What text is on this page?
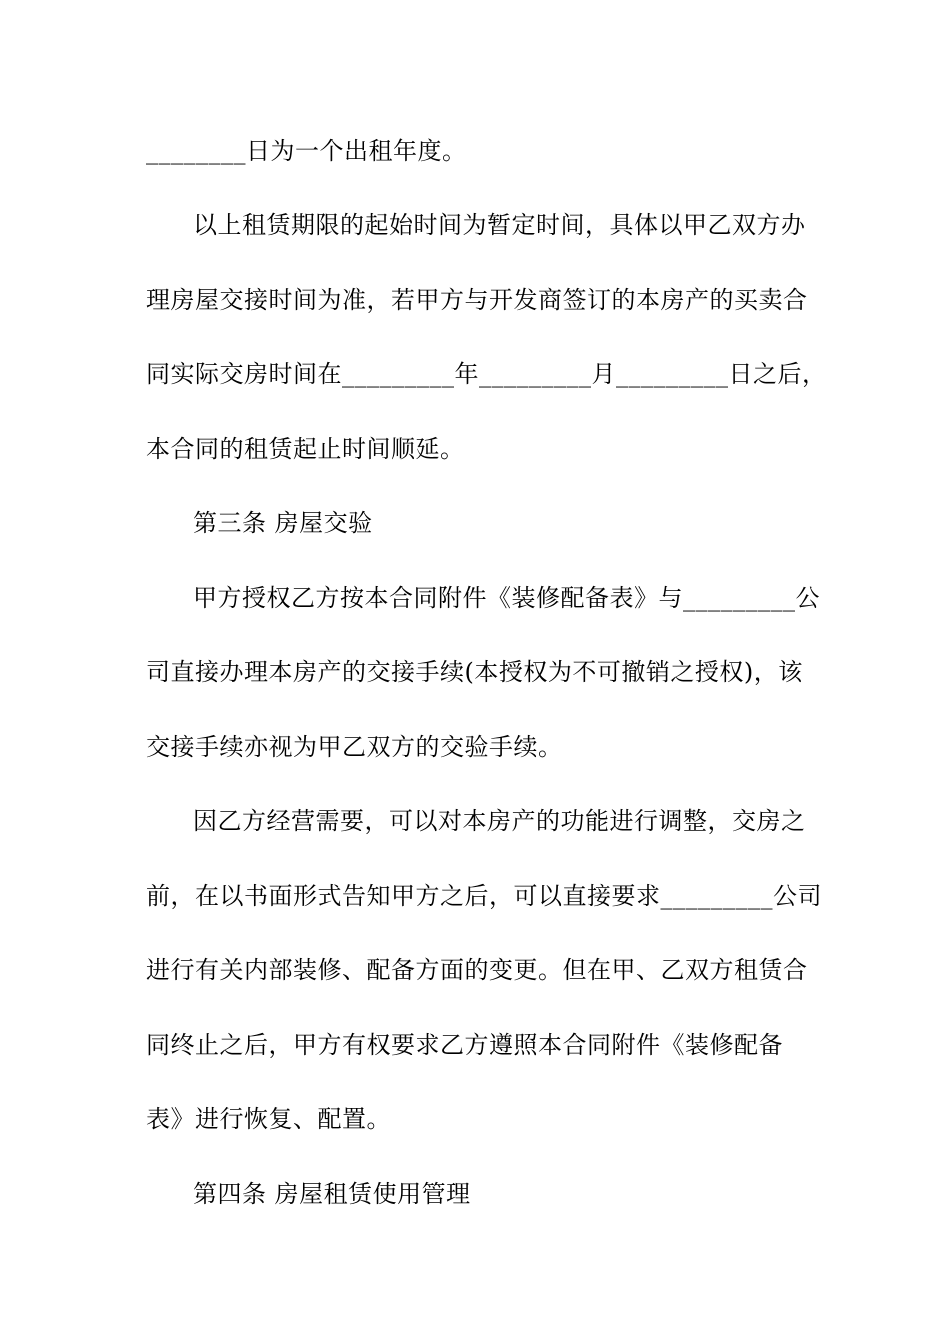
________日为一个出租年度。
以上租赁期限的起始时间为暂定时间，具体以甲乙双方办
理房屋交接时间为准，若甲方与开发商签订的本房产的买卖合
同实际交房时间在_________年_________月_________日之后，
本合同的租赁起止时间顺延。
第三条 房屋交验
甲方授权乙方按本合同附件《装修配备表》与_________公
司直接办理本房产的交接手续(本授权为不可撤销之授权)，该
交接手续亦视为甲乙双方的交验手续。
因乙方经营需要，可以对本房产的功能进行调整，交房之
前，在以书面形式告知甲方之后，可以直接要求_________公司
进行有关内部装修、配备方面的变更。但在甲、乙双方租赁合
同终止之后，甲方有权要求乙方遵照本合同附件《装修配备
表》进行恢复、配置。
第四条 房屋租赁使用管理
